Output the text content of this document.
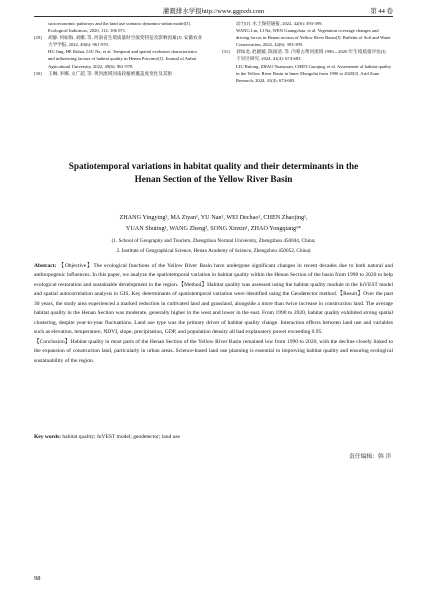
灌溉排水学报http://www.ggpsxb.com	第 44 卷
socioeconomic pathways and the land use scenario dynamics-urban model[J]. Ecological Indicators, 2020, 112: 106 071.
[29] 胡静, 何如海, 刘娜, 等. 河南省生境质量时空演变特征及影响因素[J]. 安徽农业大学学报, 2022, 49(6): 961-970.
HU Jing, HE Ruhai, LIU Na, et al. Temporal and spatial evolution characteristics and influencing factors of habitat quality in Henan Province[J]. Journal of Anhui Agricultural University, 2022, 49(6): 961-970.
[30] 王琳, 李娜, 文广超, 等. 黄河流域河南段植被覆盖度变化及其驱
动力[J]. 水土保持通报, 2022, 42(6): 393-399.
WANG Lin, LI Na, WEN Guangchao, et al. Vegetation coverage changes and driving forces in Henan section of Yellow River Basin[J]. Bulletin of Soil and Water Conservation, 2022, 42(6): 393-399.
[31] 刘如龙, 赵媛媛, 陈国清, 等. 内蒙古黄河流域 1990—2020 年生境质量评估[J]. 干旱区研究, 2024, 41(4): 674-683.
LIU Rulong, ZHAO Yuanyuan, CHEN Guoqing, et al. Assessment of habitat quality in the Yellow River Basin in Inner Mongolia from 1990 to 2020[J]. Arid Zone Research, 2024, 41(4): 674-683.
Spatiotemporal variations in habitat quality and their determinants in the
Henan Section of the Yellow River Basin
ZHANG Yingying¹, MA Ziyan¹, YU Nan¹, WEI Dechao¹, CHEN Zhaojing¹,
YUAN Shuting¹, WANG Zheng², SONG Xinxin¹, ZHAO Yongqiang¹*
(1. School of Geography and Tourism, Zhengzhou Normal University, Zhengzhou 450044, China;
2. Institute of Geographical Science, Henan Academy of Science, Zhengzhou 450052, China)
Abstract: 【Objective】The ecological functions of the Yellow River Basin have undergone significant changes in recent decades due to both natural and anthropogenic influences. In this paper, we analyze the spatiotemporal variation in habitat quality within the Henan Section of the basin from 1990 to 2020 to help ecological restoration and sustainable development in the region.【Method】Habitat quality was assessed using the habitat quality module in the InVEST model and spatial autocorrelation analysis in GIS. Key determinants of spatiotemporal variation were identified using the Geodetector method.【Result】Over the past 30 years, the study area experienced a marked reduction in cultivated land and grassland, alongside a more than twice increase in construction land. The average habitat quality in the Henan Section was moderate, generally higher in the west and lower in the east. From 1990 to 2020, habitat quality exhibited strong spatial clustering, despite year-to-year fluctuations. Land use type was the primary driver of habitat quality change. Interaction effects between land use and variables such as elevation, temperature, NDVI, slope, precipitation, GDP, and population density all had explanatory power exceeding 0.95.
【Conclusion】Habitat quality in most parts of the Henan Section of the Yellow River Basin remained low from 1990 to 2020, with the decline closely linked to the expansion of construction land, particularly in urban areas. Science-based land use planning is essential to improving habitat quality and ensuring ecological sustainability of the region.
Key words: habitat quality; InVEST model; geodetector; land use
责任编辑：韩 洋
98
